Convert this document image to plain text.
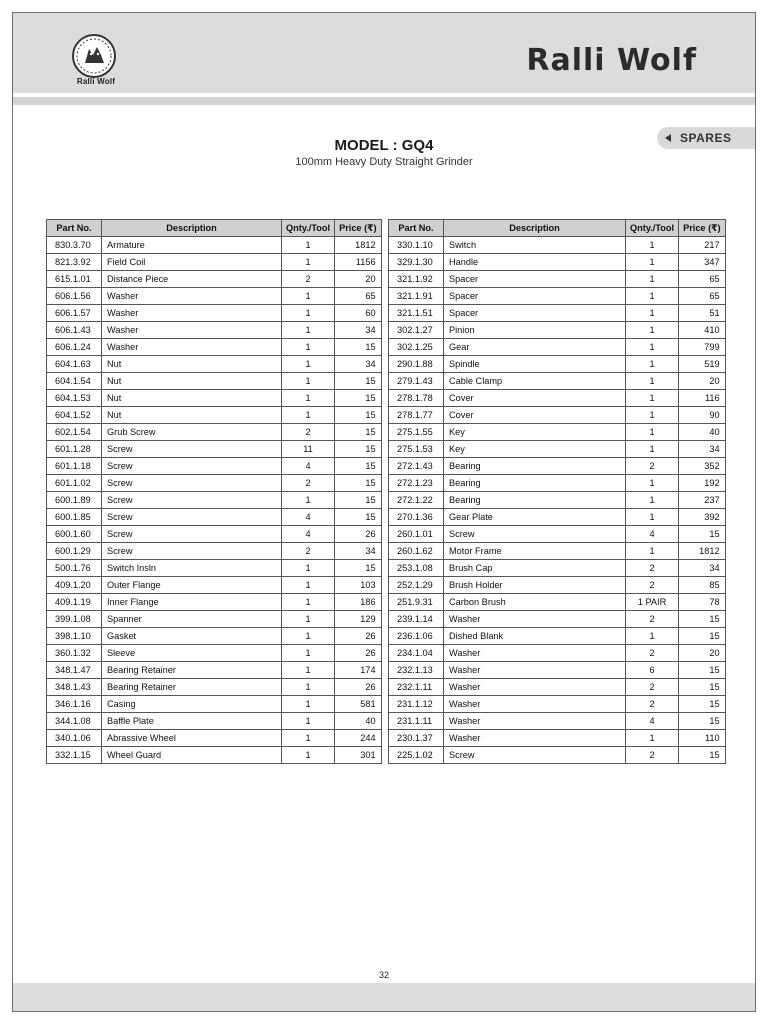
Ralli Wolf
Ralli Wolf
SPARES
MODEL : GQ4
100mm Heavy Duty Straight Grinder
Part No.	Description	Qnty./Tool	Price (₹)
830.3.70	Armature	1	1812
821.3.92	Field Coil	1	1156
615.1.01	Distance Piece	2	20
606.1.56	Washer	1	65
606.1.57	Washer	1	60
606.1.43	Washer	1	34
606.1.24	Washer	1	15
604.1.63	Nut	1	34
604.1.54	Nut	1	15
604.1.53	Nut	1	15
604.1.52	Nut	1	15
602.1.54	Grub Screw	2	15
601.1.28	Screw	11	15
601.1.18	Screw	4	15
601.1.02	Screw	2	15
600.1.89	Screw	1	15
600.1.85	Screw	4	15
600.1.60	Screw	4	26
600.1.29	Screw	2	34
500.1.76	Switch Insln	1	15
409.1.20	Outer Flange	1	103
409.1.19	Inner Flange	1	186
399.1.08	Spanner	1	129
398.1.10	Gasket	1	26
360.1.32	Sleeve	1	26
348.1.47	Bearing Retainer	1	174
348.1.43	Bearing Retainer	1	26
346.1.16	Casing	1	581
344.1.08	Baffle Plate	1	40
340.1.06	Abrassive Wheel	1	244
332.1.15	Wheel Guard	1	301
Part No.	Description	Qnty./Tool	Price (₹)
330.1.10	Switch	1	217
329.1.30	Handle	1	347
321.1.92	Spacer	1	65
321.1.91	Spacer	1	65
321.1.51	Spacer	1	51
302.1.27	Pinion	1	410
302.1.25	Gear	1	799
290.1.88	Spindle	1	519
279.1.43	Cable Clamp	1	20
278.1.78	Cover	1	116
278.1.77	Cover	1	90
275.1.55	Key	1	40
275.1.53	Key	1	34
272.1.43	Bearing	2	352
272.1.23	Bearing	1	192
272.1.22	Bearing	1	237
270.1.36	Gear Plate	1	392
260.1.01	Screw	4	15
260.1.62	Motor Frame	1	1812
253.1.08	Brush Cap	2	34
252.1.29	Brush Holder	2	85
251.9.31	Carbon Brush	1 PAIR	78
239.1.14	Washer	2	15
236.1.06	Dished Blank	1	15
234.1.04	Washer	2	20
232.1.13	Washer	6	15
232.1.11	Washer	2	15
231.1.12	Washer	2	15
231.1.11	Washer	4	15
230.1.37	Washer	1	110
225.1.02	Screw	2	15
32
